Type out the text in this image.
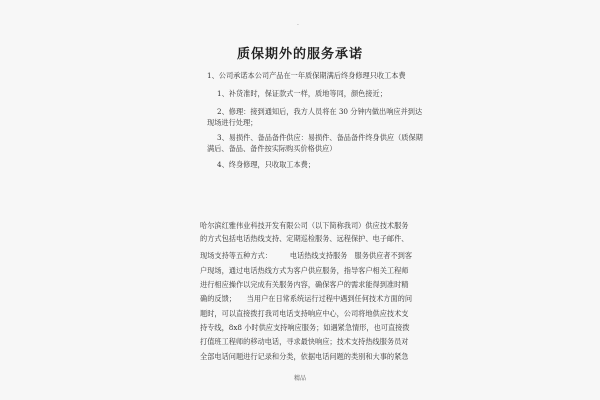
.
质保期外的服务承诺
1、公司承诺本公司产品在一年质保期满后终身修理只收工本费
1、补货准时，保证款式一样，质地等同，颜色接近；
2、修理：接到通知后，我方人员将在 30 分钟内做出响应并到达
现场进行处理；
3、易损件、备品备件供应：易损件、备品备件终身供应（质保期
满后、备品、备件按实际购买价格供应）
4、终身修理，只收取工本费；
哈尔滨红雅伟业科技开发有限公司（以下简称我司）供应技术服务
的方式包括电话热线支持、定期巡检服务、远程保护、电子邮件、
现场支持等五种方式：　　　电话热线支持服务　服务供应者不到客
户现场，通过电话热线方式为客户供应服务，指导客户相关工程师
进行相应操作以完成有关服务内容，确保客户的需求能得到准时精
确的反馈；　　当用户在日常系统运行过程中遇到任何技术方面的问
题时，可以直接拨打我司电话支持响应中心，公司将地供应技术支
持专线，8x8 小时供应支持响应服务；如遇紧急情形，也可直接拨
打值班工程师的移动电话，寻求最快响应；技术支持热线服务员对
全部电话问题进行记录和分类，依据电话问题的类别和大事的紧急
精品
